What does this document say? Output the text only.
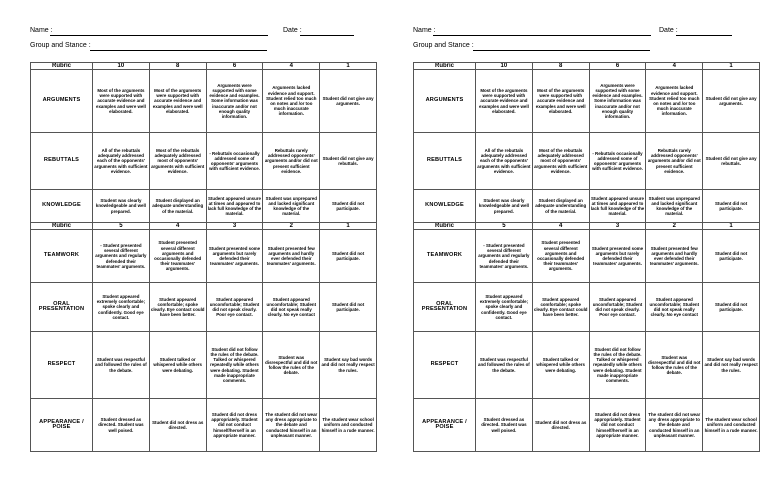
Name :	Date :
Group and Stance :
Rubric	10	8	6	4	1
ARGUMENTS	Most of the arguments were supported with accurate evidence and examples and were well elaborated.	Most of the arguments were supported with accurate evidence and examples and were well elaborated.	Arguments were supported with some evidence and examples. Some information was inaccurate and/or not enough quality information.	Arguments lacked evidence and support. Student relied too much on notes and /or too much inaccurate information.	Student did not give any arguments.
REBUTTALS	All of the rebuttals adequately addressed each of the opponents' arguments with sufficient evidence.	Most of the rebuttals adequately addressed most of opponents' arguments with sufficient evidence.	- Rebuttals occasionally addressed some of opponents' arguments with sufficient evidence.	Rebuttals rarely addressed opponents' arguments and/or did not present sufficient evidence.	Student did not give any rebuttals.
KNOWLEDGE	Student was clearly knowledgeable and well prepared.	Student displayed an adequate understanding of the material.	Student appeared unsure at times and appeared to lack full knowledge of the material.	Student was unprepared and lacked significant knowledge of the material.	Student did not participate.
Rubric	5	4	3	2	1
TEAMWORK	- Student presented several different arguments and regularly defended their teammates' arguments.	Student presented several different arguments and occasionally defended their teammates' arguments.	Student presented some arguments but rarely defended their teammates' arguments.	Student presented few arguments and hardly ever defended their teammates' arguments.	Student did not participate.
ORAL PRESENTATION	Student appeared extremely comfortable; spoke clearly and confidently. Good eye contact.	Student appeared comfortable; spoke clearly. Eye contact could have been better.	Student appeared uncomfortable; Student did not speak clearly. Poor eye contact.	Student appeared uncomfortable; Student did not speak really clearly. No eye contact	Student did not participate.
RESPECT	Student was respectful and followed the rules of the debate.	Student talked or whispered while others were debating.	Student did not follow the rules of the debate. Talked or whispered repeatedly while others were debating. Student made inappropriate comments.	Student was disrespectful and did not follow the rules of the debate.	Student say bad words and did not really respect the rules.
APPEARANCE / POISE	Student dressed as directed. Student was well poised.	Student did not dress as directed.	Student did not dress appropriately. Student did not conduct himself/herself in an appropriate manner.	The student did not wear any dress appropriate to the debate and conducted himself in an unpleasant manner.	The student wear school uniform and conducted himself in a rude manner.
Name :	Date :
Group and Stance :
Rubric	10	8	6	4	1
ARGUMENTS	Most of the arguments were supported with accurate evidence and examples and were well elaborated.	Most of the arguments were supported with accurate evidence and examples and were well elaborated.	Arguments were supported with some evidence and examples. Some information was inaccurate and/or not enough quality information.	Arguments lacked evidence and support. Student relied too much on notes and /or too much inaccurate information.	Student did not give any arguments.
REBUTTALS	All of the rebuttals adequately addressed each of the opponents' arguments with sufficient evidence.	Most of the rebuttals adequately addressed most of opponents' arguments with sufficient evidence.	- Rebuttals occasionally addressed some of opponents' arguments with sufficient evidence.	Rebuttals rarely addressed opponents' arguments and/or did not present sufficient evidence.	Student did not give any rebuttals.
KNOWLEDGE	Student was clearly knowledgeable and well prepared.	Student displayed an adequate understanding of the material.	Student appeared unsure at times and appeared to lack full knowledge of the material.	Student was unprepared and lacked significant knowledge of the material.	Student did not participate.
Rubric	5	4	3	2	1
TEAMWORK	- Student presented several different arguments and regularly defended their teammates' arguments.	Student presented several different arguments and occasionally defended their teammates' arguments.	Student presented some arguments but rarely defended their teammates' arguments.	Student presented few arguments and hardly ever defended their teammates' arguments.	Student did not participate.
ORAL PRESENTATION	Student appeared extremely comfortable; spoke clearly and confidently. Good eye contact.	Student appeared comfortable; spoke clearly. Eye contact could have been better.	Student appeared uncomfortable; Student did not speak clearly. Poor eye contact.	Student appeared uncomfortable; Student did not speak really clearly. No eye contact	Student did not participate.
RESPECT	Student was respectful and followed the rules of the debate.	Student talked or whispered while others were debating.	Student did not follow the rules of the debate. Talked or whispered repeatedly while others were debating. Student made inappropriate comments.	Student was disrespectful and did not follow the rules of the debate.	Student say bad words and did not really respect the rules.
APPEARANCE / POISE	Student dressed as directed. Student was well poised.	Student did not dress as directed.	Student did not dress appropriately. Student did not conduct himself/herself in an appropriate manner.	The student did not wear any dress appropriate to the debate and conducted himself in an unpleasant manner.	The student wear school uniform and conducted himself in a rude manner.
